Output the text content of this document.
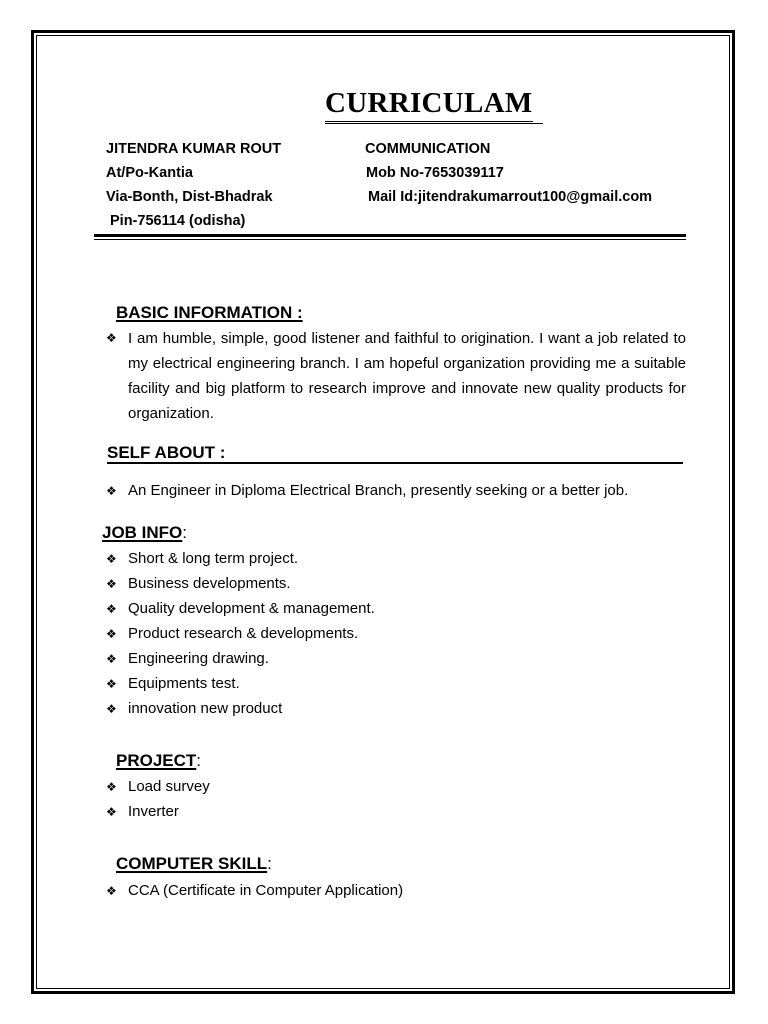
CURRICULAM
JITENDRA KUMAR ROUT
At/Po-Kantia
Via-Bonth, Dist-Bhadrak
Pin-756114 (odisha)
COMMUNICATION
Mob No-7653039117
Mail Id:jitendrakumarrout100@gmail.com
BASIC INFORMATION :
❖ I am humble, simple, good listener and faithful to origination. I want a job related to my electrical engineering branch. I am hopeful organization providing me a suitable facility and big platform to research improve and innovate new quality products for organization.
SELF ABOUT :
❖ An Engineer in Diploma Electrical Branch, presently seeking or a better job.
JOB INFO:
❖ Short & long term project.
❖ Business developments.
❖ Quality development & management.
❖ Product research & developments.
❖ Engineering drawing.
❖ Equipments test.
❖ innovation new product
PROJECT:
❖ Load survey
❖ Inverter
COMPUTER SKILL:
❖ CCA (Certificate in Computer Application)
